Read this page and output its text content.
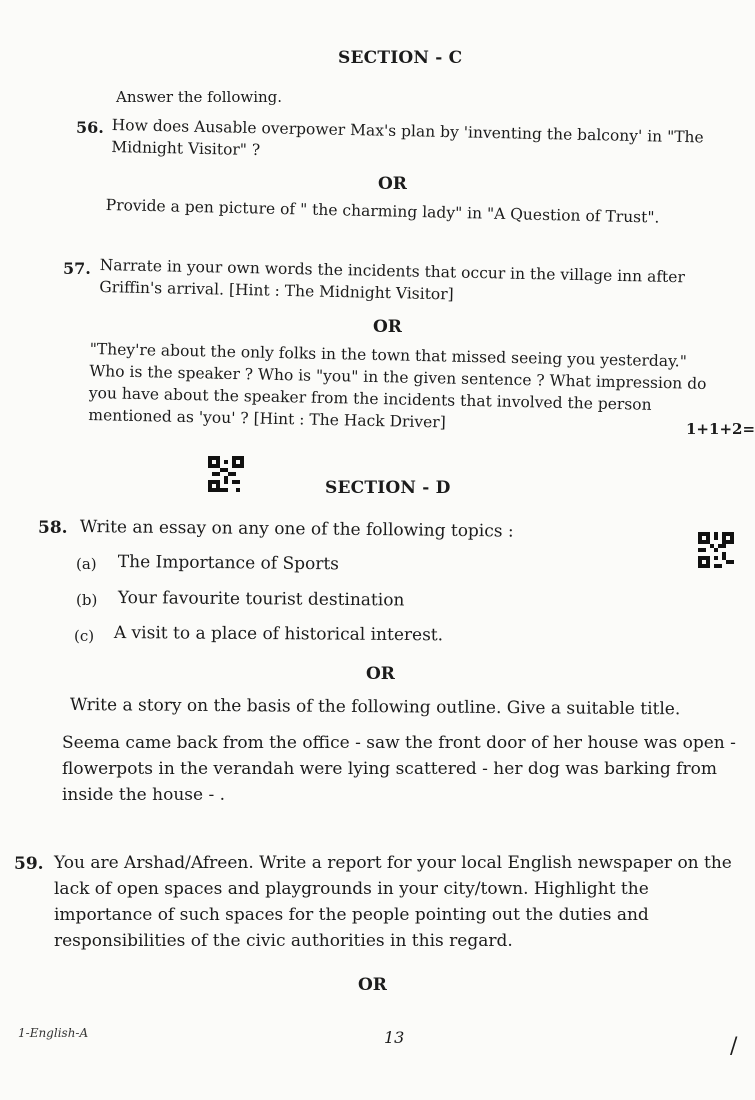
SECTION - C
Answer the following.
56. How does Ausable overpower Max's plan by 'inventing the balcony' in "The Midnight Visitor" ?
OR
Provide a pen picture of " the charming lady" in "A Question of Trust".
57. Narrate in your own words the incidents that occur in the village inn after Griffin's arrival. [Hint : The Midnight Visitor]
OR
"They're about the only folks in the town that missed seeing you yesterday." Who is the speaker ? Who is "you" in the given sentence ? What impression do you have about the speaker from the incidents that involved the person mentioned as 'you' ? [Hint : The Hack Driver]	1+1+2=
SECTION - D
58. Write an essay on any one of the following topics :
(a) The Importance of Sports
(b) Your favourite tourist destination
(c) A visit to a place of historical interest.
OR
Write a story on the basis of the following outline. Give a suitable title.
Seema came back from the office - saw the front door of her house was open - flowerpots in the verandah were lying scattered - her dog was barking from inside the house - .
59. You are Arshad/Afreen. Write a report for your local English newspaper on the lack of open spaces and playgrounds in your city/town. Highlight the importance of such spaces for the people pointing out the duties and responsibilities of the civic authorities in this regard.
OR
1-English-A	13	/
